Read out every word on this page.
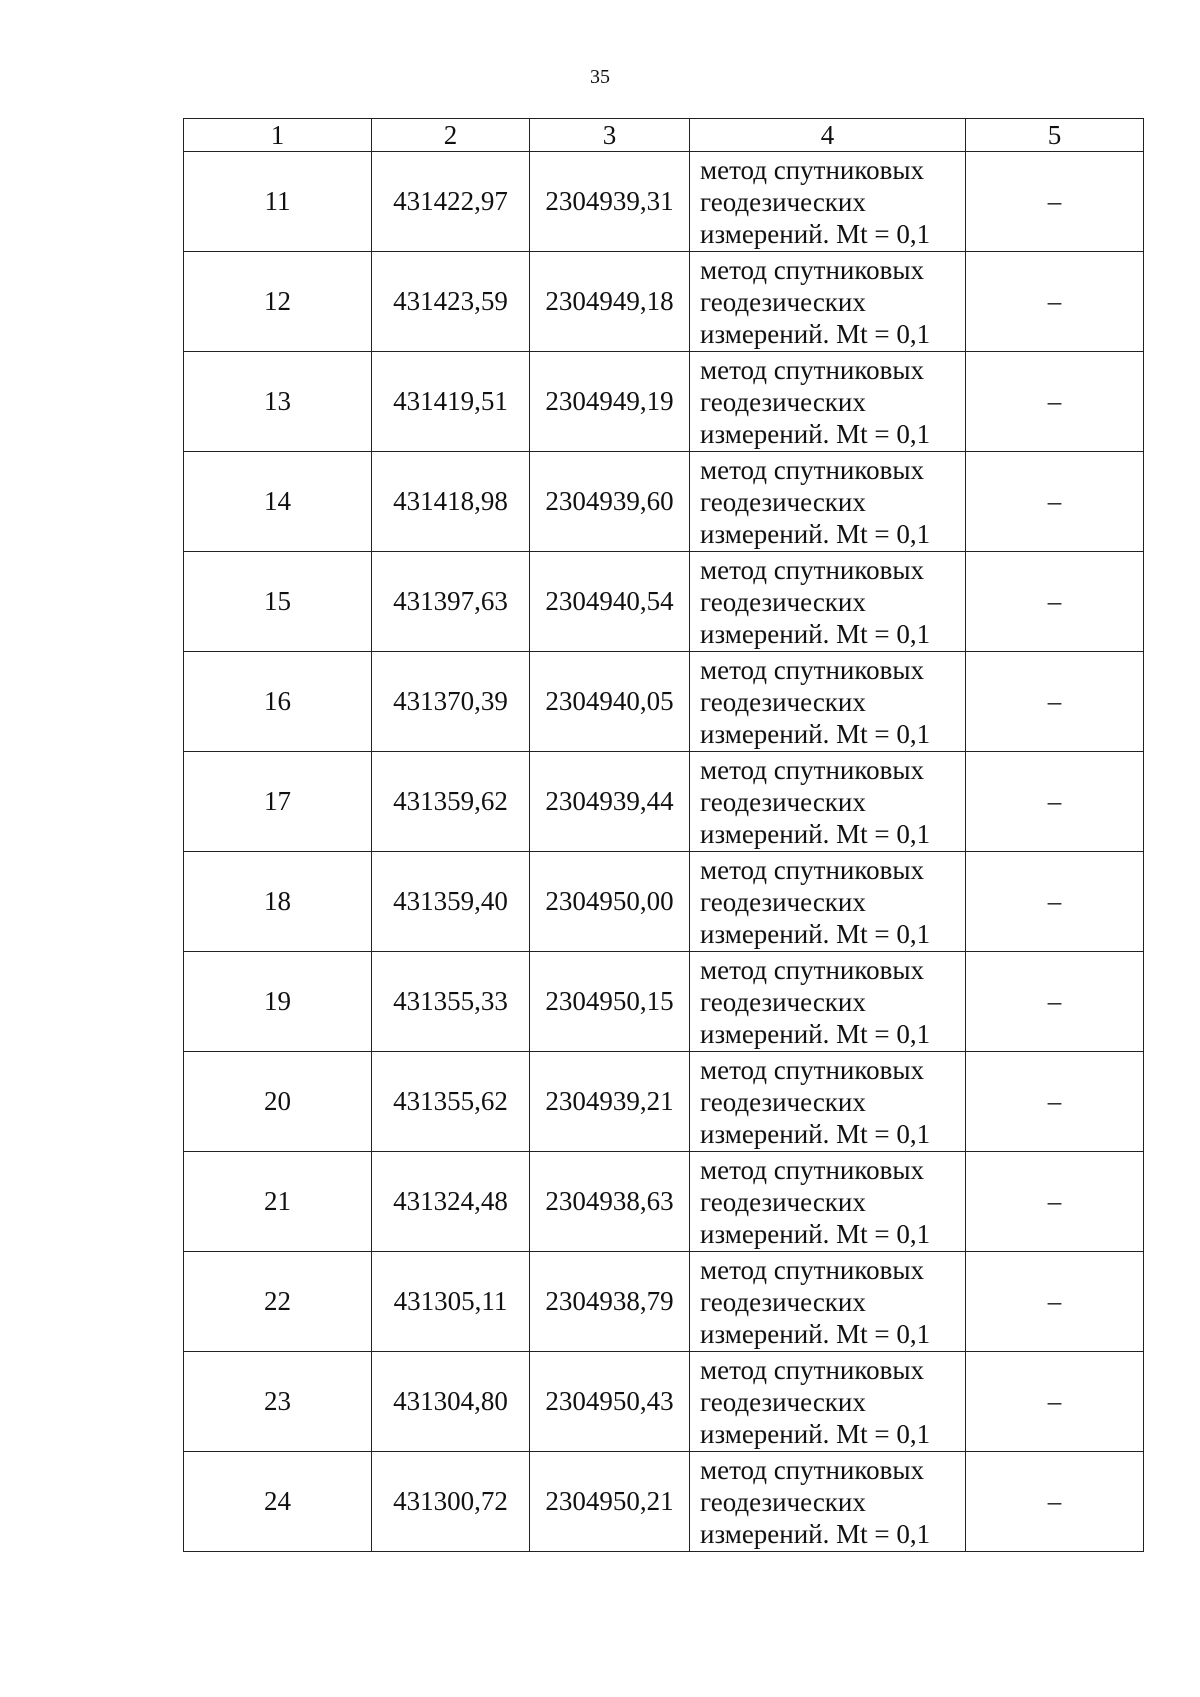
35
1	2	3	4	5
11	431422,97	2304939,31	метод спутниковых
геодезических
измерений. Mt = 0,1	–
12	431423,59	2304949,18	метод спутниковых
геодезических
измерений. Mt = 0,1	–
13	431419,51	2304949,19	метод спутниковых
геодезических
измерений. Mt = 0,1	–
14	431418,98	2304939,60	метод спутниковых
геодезических
измерений. Mt = 0,1	–
15	431397,63	2304940,54	метод спутниковых
геодезических
измерений. Mt = 0,1	–
16	431370,39	2304940,05	метод спутниковых
геодезических
измерений. Mt = 0,1	–
17	431359,62	2304939,44	метод спутниковых
геодезических
измерений. Mt = 0,1	–
18	431359,40	2304950,00	метод спутниковых
геодезических
измерений. Mt = 0,1	–
19	431355,33	2304950,15	метод спутниковых
геодезических
измерений. Mt = 0,1	–
20	431355,62	2304939,21	метод спутниковых
геодезических
измерений. Mt = 0,1	–
21	431324,48	2304938,63	метод спутниковых
геодезических
измерений. Mt = 0,1	–
22	431305,11	2304938,79	метод спутниковых
геодезических
измерений. Mt = 0,1	–
23	431304,80	2304950,43	метод спутниковых
геодезических
измерений. Mt = 0,1	–
24	431300,72	2304950,21	метод спутниковых
геодезических
измерений. Mt = 0,1	–
